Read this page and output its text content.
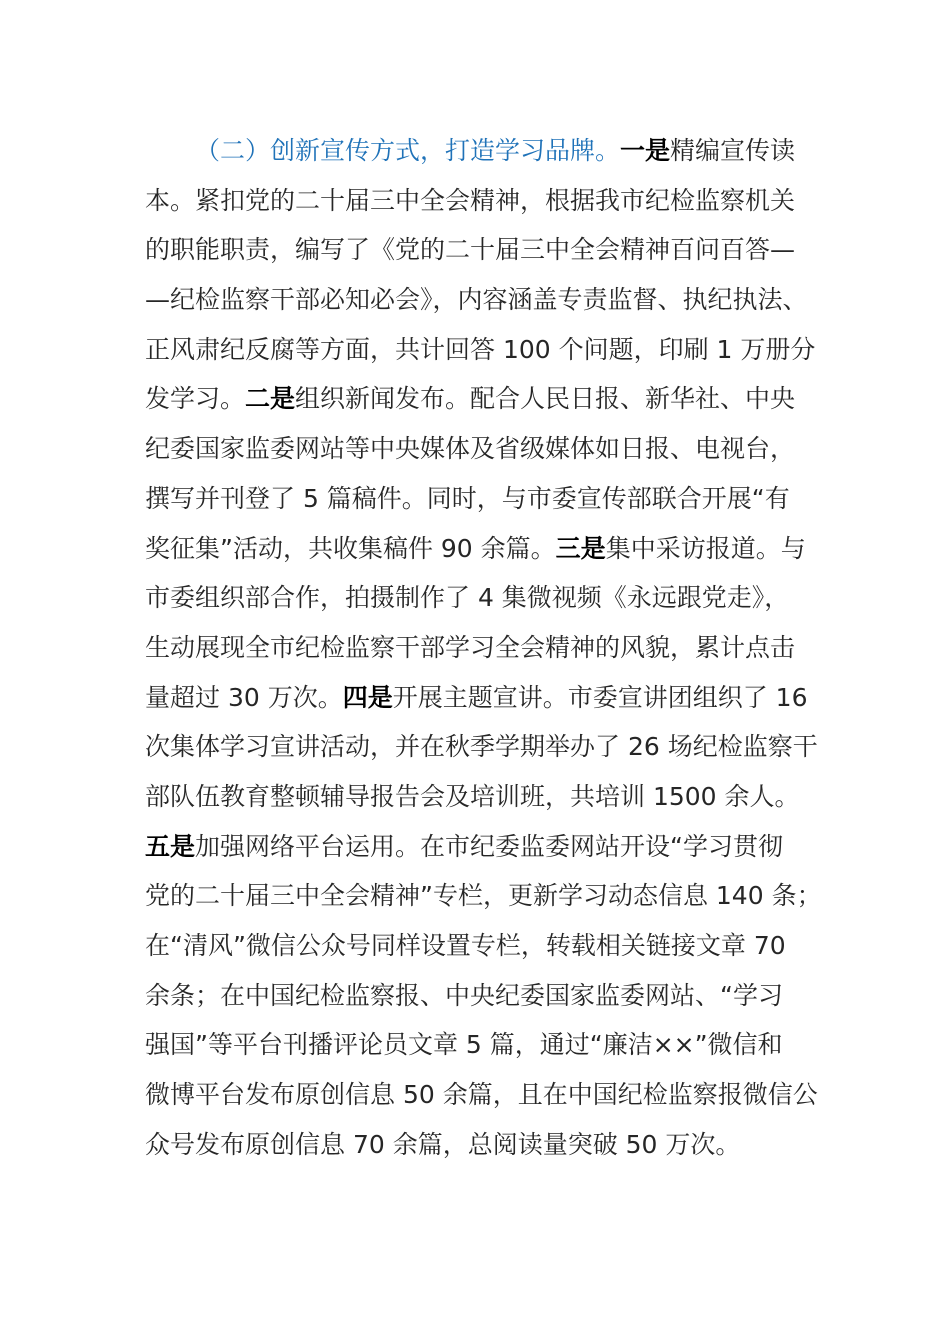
（二）创新宣传方式，打造学习品牌。一是精编宣传读
本。紧扣党的二十届三中全会精神，根据我市纪检监察机关
的职能职责，编写了《党的二十届三中全会精神百问百答—
—纪检监察干部必知必会》，内容涵盖专责监督、执纪执法、
正风肃纪反腐等方面，共计回答 100 个问题，印刷 1 万册分
发学习。二是组织新闻发布。配合人民日报、新华社、中央
纪委国家监委网站等中央媒体及省级媒体如日报、电视台，
撰写并刊登了 5 篇稿件。同时，与市委宣传部联合开展“有
奖征集”活动，共收集稿件 90 余篇。三是集中采访报道。与
市委组织部合作，拍摄制作了 4 集微视频《永远跟党走》，
生动展现全市纪检监察干部学习全会精神的风貌，累计点击
量超过 30 万次。四是开展主题宣讲。市委宣讲团组织了 16
次集体学习宣讲活动，并在秋季学期举办了 26 场纪检监察干
部队伍教育整顿辅导报告会及培训班，共培训 1500 余人。
五是加强网络平台运用。在市纪委监委网站开设“学习贯彻
党的二十届三中全会精神”专栏，更新学习动态信息 140 条；
在“清风”微信公众号同样设置专栏，转载相关链接文章 70
余条；在中国纪检监察报、中央纪委国家监委网站、“学习
强国”等平台刊播评论员文章 5 篇，通过“廉洁××”微信和
微博平台发布原创信息 50 余篇，且在中国纪检监察报微信公
众号发布原创信息 70 余篇，总阅读量突破 50 万次。
